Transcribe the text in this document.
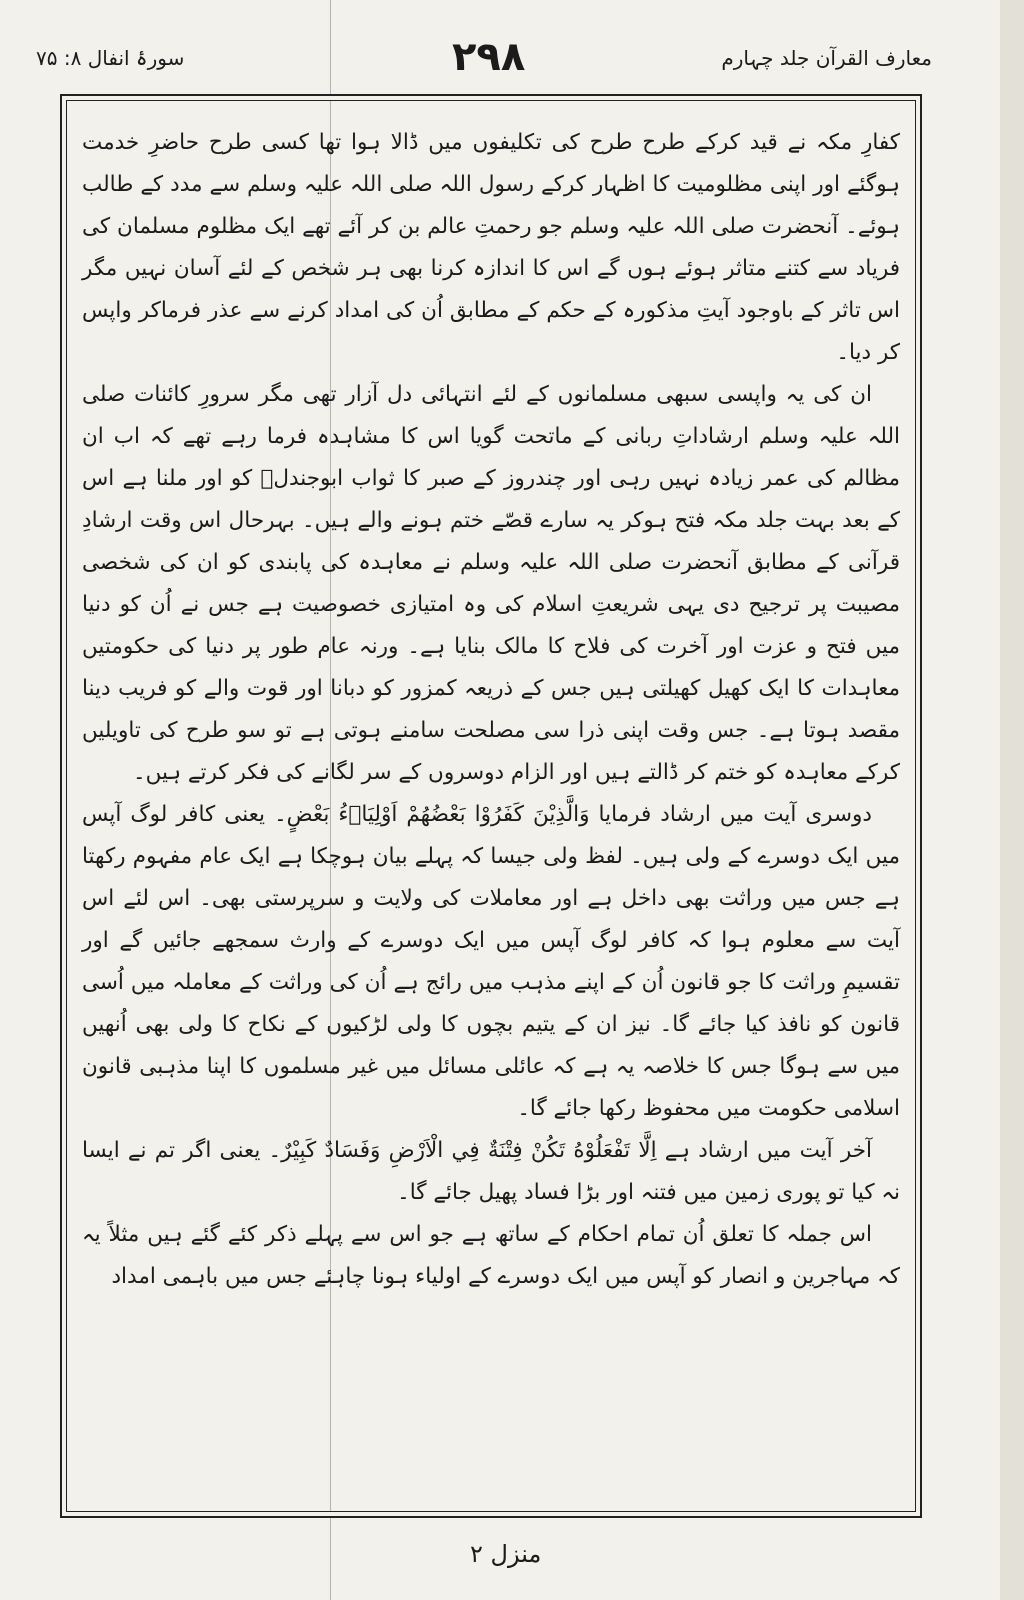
سورۂ انفال ۸: ۷۵	۲۹۸	معارف القرآن جلد چہارم

کفارِ مکہ نے قید کرکے طرح طرح کی تکلیفوں میں ڈالا ہوا تھا کسی طرح حاضرِ خدمت ہوگئے اور اپنی مظلومیت کا اظہار کرکے رسول اللہ صلی اللہ علیہ وسلم سے مدد کے طالب ہوئے۔ آنحضرت صلی اللہ علیہ وسلم جو رحمتِ عالم بن کر آئے تھے ایک مظلوم مسلمان کی فریاد سے کتنے متاثر ہوئے ہوں گے اس کا اندازہ کرنا بھی ہر شخص کے لئے آسان نہیں مگر اس تاثر کے باوجود آیتِ مذکورہ کے حکم کے مطابق اُن کی امداد کرنے سے عذر فرماکر واپس کر دیا۔

ان کی یہ واپسی سبھی مسلمانوں کے لئے انتہائی دل آزار تھی مگر سرورِ کائنات صلی اللہ علیہ وسلم ارشاداتِ ربانی کے ماتحت گویا اس کا مشاہدہ فرما رہے تھے کہ اب ان مظالم کی عمر زیادہ نہیں رہی اور چندروز کے صبر کا ثواب ابوجندلؓ کو اور ملنا ہے اس کے بعد بہت جلد مکہ فتح ہوکر یہ سارے قصّے ختم ہونے والے ہیں۔ بہرحال اس وقت ارشادِ قرآنی کے مطابق آنحضرت صلی اللہ علیہ وسلم نے معاہدہ کی پابندی کو ان کی شخصی مصیبت پر ترجیح دی یہی شریعتِ اسلام کی وہ امتیازی خصوصیت ہے جس نے اُن کو دنیا میں فتح و عزت اور آخرت کی فلاح کا مالک بنایا ہے۔ ورنہ عام طور پر دنیا کی حکومتیں معاہدات کا ایک کھیل کھیلتی ہیں جس کے ذریعہ کمزور کو دبانا اور قوت والے کو فریب دینا مقصد ہوتا ہے۔ جس وقت اپنی ذرا سی مصلحت سامنے ہوتی ہے تو سو طرح کی تاویلیں کرکے معاہدہ کو ختم کر ڈالتے ہیں اور الزام دوسروں کے سر لگانے کی فکر کرتے ہیں۔

دوسری آیت میں ارشاد فرمایا وَالَّذِيْنَ كَفَرُوْا بَعْضُهُمْ اَوْلِيَاۗءُ بَعْضٍ۔ یعنی کافر لوگ آپس میں ایک دوسرے کے ولی ہیں۔ لفظ ولی جیسا کہ پہلے بیان ہوچکا ہے ایک عام مفہوم رکھتا ہے جس میں وراثت بھی داخل ہے اور معاملات کی ولایت و سرپرستی بھی۔ اس لئے اس آیت سے معلوم ہوا کہ کافر لوگ آپس میں ایک دوسرے کے وارث سمجھے جائیں گے اور تقسیمِ وراثت کا جو قانون اُن کے اپنے مذہب میں رائج ہے اُن کی وراثت کے معاملہ میں اُسی قانون کو نافذ کیا جائے گا۔ نیز ان کے یتیم بچوں کا ولی لڑکیوں کے نکاح کا ولی بھی اُنھیں میں سے ہوگا جس کا خلاصہ یہ ہے کہ عائلی مسائل میں غیر مسلموں کا اپنا مذہبی قانون اسلامی حکومت میں محفوظ رکھا جائے گا۔

آخر آیت میں ارشاد ہے اِلَّا تَفْعَلُوْهُ تَكُنْ فِتْنَةٌ فِي الْاَرْضِ وَفَسَادٌ كَبِيْرٌ۔ یعنی اگر تم نے ایسا نہ کیا تو پوری زمین میں فتنہ اور بڑا فساد پھیل جائے گا۔

اس جملہ کا تعلق اُن تمام احکام کے ساتھ ہے جو اس سے پہلے ذکر کئے گئے ہیں مثلاً یہ کہ مہاجرین و انصار کو آپس میں ایک دوسرے کے اولیاء ہونا چاہئے جس میں باہمی امداد

منزل ۲
